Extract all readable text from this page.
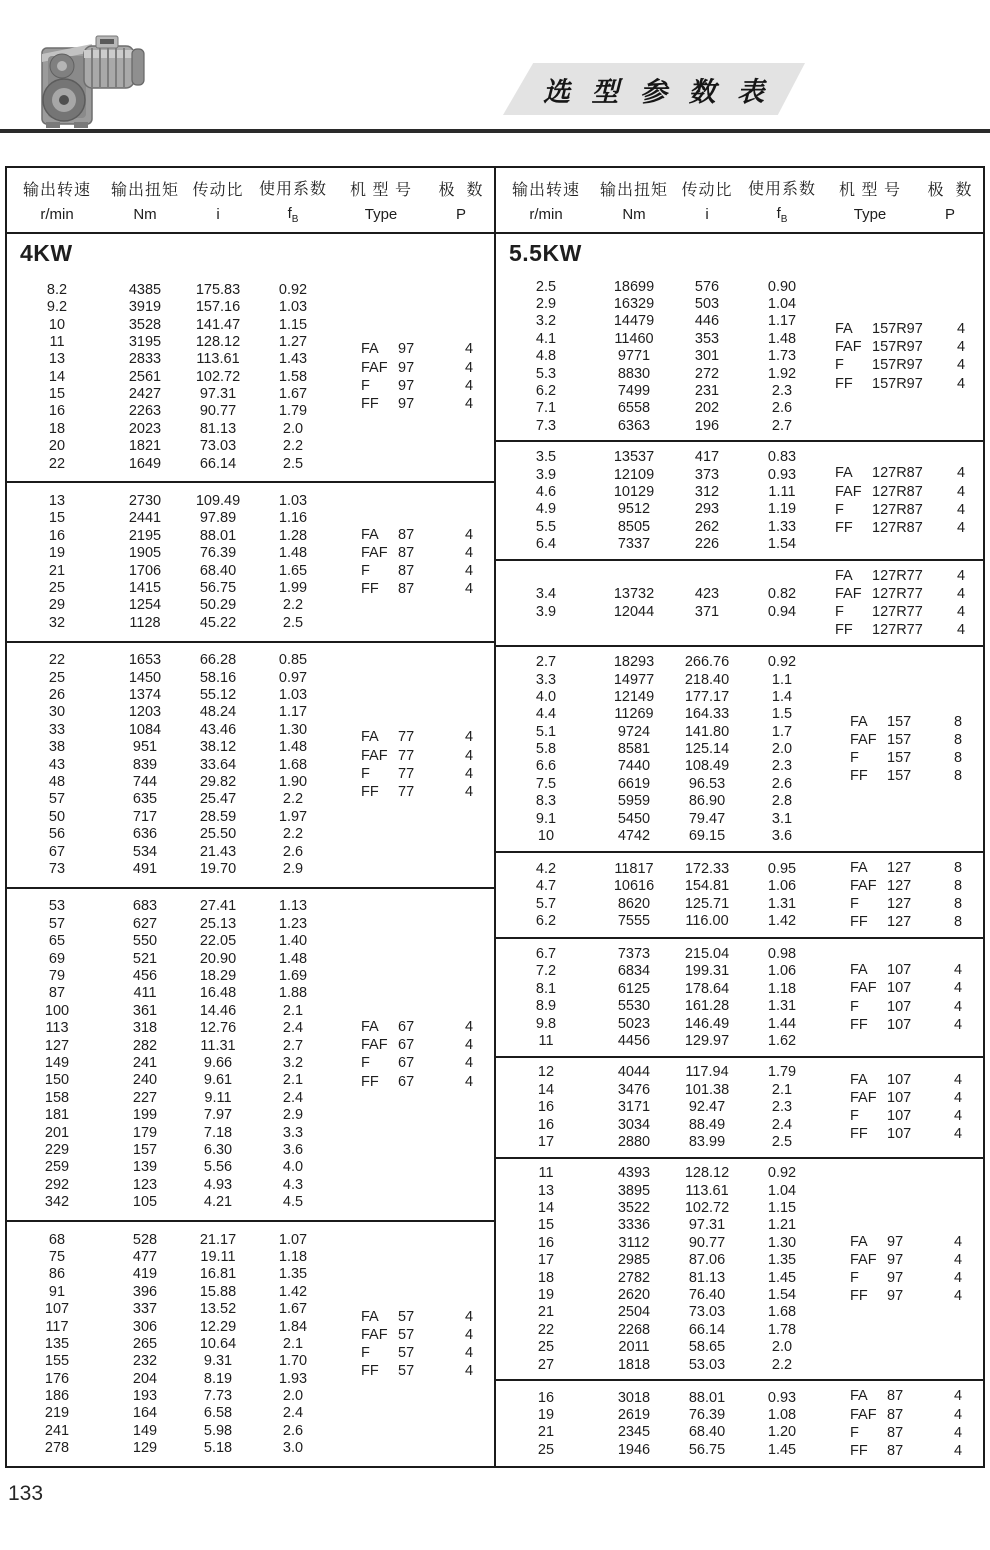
选 型 参 数 表
输出转速
r/min
输出扭矩
Nm
传动比
i
使用系数
$f_B$
机 型 号
Type
极  数
P
4KW
8.2	4385	175.83	0.92
9.2	3919	157.16	1.03
10	3528	141.47	1.15
11	3195	128.12	1.27
13	2833	113.61	1.43
14	2561	102.72	1.58
15	2427	97.31	1.67
16	2263	90.77	1.79
18	2023	81.13	2.0
20	1821	73.03	2.2
22	1649	66.14	2.5
FA	97	4
FAF 97	4
F	97	4
FF	97	4
13	2730	109.49	1.03
15	2441	97.89	1.16
16	2195	88.01	1.28
19	1905	76.39	1.48
21	1706	68.40	1.65
25	1415	56.75	1.99
29	1254	50.29	2.2
32	1128	45.22	2.5
FA	87	4
FAF 87	4
F	87	4
FF	87	4
22	1653	66.28	0.85
25	1450	58.16	0.97
26	1374	55.12	1.03
30	1203	48.24	1.17
33	1084	43.46	1.30
38	951	38.12	1.48
43	839	33.64	1.68
48	744	29.82	1.90
57	635	25.47	2.2
50	717	28.59	1.97
56	636	25.50	2.2
67	534	21.43	2.6
73	491	19.70	2.9
FA	77	4
FAF 77	4
F	77	4
FF	77	4
53	683	27.41	1.13
57	627	25.13	1.23
65	550	22.05	1.40
69	521	20.90	1.48
79	456	18.29	1.69
87	411	16.48	1.88
100	361	14.46	2.1
113	318	12.76	2.4
127	282	11.31	2.7
149	241	9.66	3.2
150	240	9.61	2.1
158	227	9.11	2.4
181	199	7.97	2.9
201	179	7.18	3.3
229	157	6.30	3.6
259	139	5.56	4.0
292	123	4.93	4.3
342	105	4.21	4.5
FA	67	4
FAF 67	4
F	67	4
FF	67	4
68	528	21.17	1.07
75	477	19.11	1.18
86	419	16.81	1.35
91	396	15.88	1.42
107	337	13.52	1.67
117	306	12.29	1.84
135	265	10.64	2.1
155	232	9.31	1.70
176	204	8.19	1.93
186	193	7.73	2.0
219	164	6.58	2.4
241	149	5.98	2.6
278	129	5.18	3.0
FA	57	4
FAF 57	4
F	57	4
FF	57	4
输出转速
r/min
输出扭矩
Nm
传动比
i
使用系数
$f_B$
机 型 号
Type
极  数
P
5.5KW
2.5	18699	576	0.90
2.9	16329	503	1.04
3.2	14479	446	1.17
4.1	11460	353	1.48
4.8	9771	301	1.73
5.3	8830	272	1.92
6.2	7499	231	2.3
7.1	6558	202	2.6
7.3	6363	196	2.7
FA	157R97	4
FAF 157R97	4
F	157R97	4
FF	157R97	4
3.5	13537	417	0.83
3.9	12109	373	0.93
4.6	10129	312	1.11
4.9	9512	293	1.19
5.5	8505	262	1.33
6.4	7337	226	1.54
FA	127R87	4
FAF 127R87	4
F	127R87	4
FF	127R87	4
3.4	13732	423	0.82
3.9	12044	371	0.94
FA	127R77	4
FAF 127R77	4
F	127R77	4
FF	127R77	4
2.7	18293	266.76	0.92
3.3	14977	218.40	1.1
4.0	12149	177.17	1.4
4.4	11269	164.33	1.5
5.1	9724	141.80	1.7
5.8	8581	125.14	2.0
6.6	7440	108.49	2.3
7.5	6619	96.53	2.6
8.3	5959	86.90	2.8
9.1	5450	79.47	3.1
10	4742	69.15	3.6
FA	157	8
FAF 157	8
F	157	8
FF	157	8
4.2	11817	172.33	0.95
4.7	10616	154.81	1.06
5.7	8620	125.71	1.31
6.2	7555	116.00	1.42
FA	127	8
FAF 127	8
F	127	8
FF	127	8
6.7	7373	215.04	0.98
7.2	6834	199.31	1.06
8.1	6125	178.64	1.18
8.9	5530	161.28	1.31
9.8	5023	146.49	1.44
11	4456	129.97	1.62
FA	107	4
FAF 107	4
F	107	4
FF	107	4
12	4044	117.94	1.79
14	3476	101.38	2.1
16	3171	92.47	2.3
16	3034	88.49	2.4
17	2880	83.99	2.5
FA	107	4
FAF 107	4
F	107	4
FF	107	4
11	4393	128.12	0.92
13	3895	113.61	1.04
14	3522	102.72	1.15
15	3336	97.31	1.21
16	3112	90.77	1.30
17	2985	87.06	1.35
18	2782	81.13	1.45
19	2620	76.40	1.54
21	2504	73.03	1.68
22	2268	66.14	1.78
25	2011	58.65	2.0
27	1818	53.03	2.2
FA	97	4
FAF 97	4
F	97	4
FF	97	4
16	3018	88.01	0.93
19	2619	76.39	1.08
21	2345	68.40	1.20
25	1946	56.75	1.45
FA	87	4
FAF 87	4
F	87	4
FF	87	4
133
